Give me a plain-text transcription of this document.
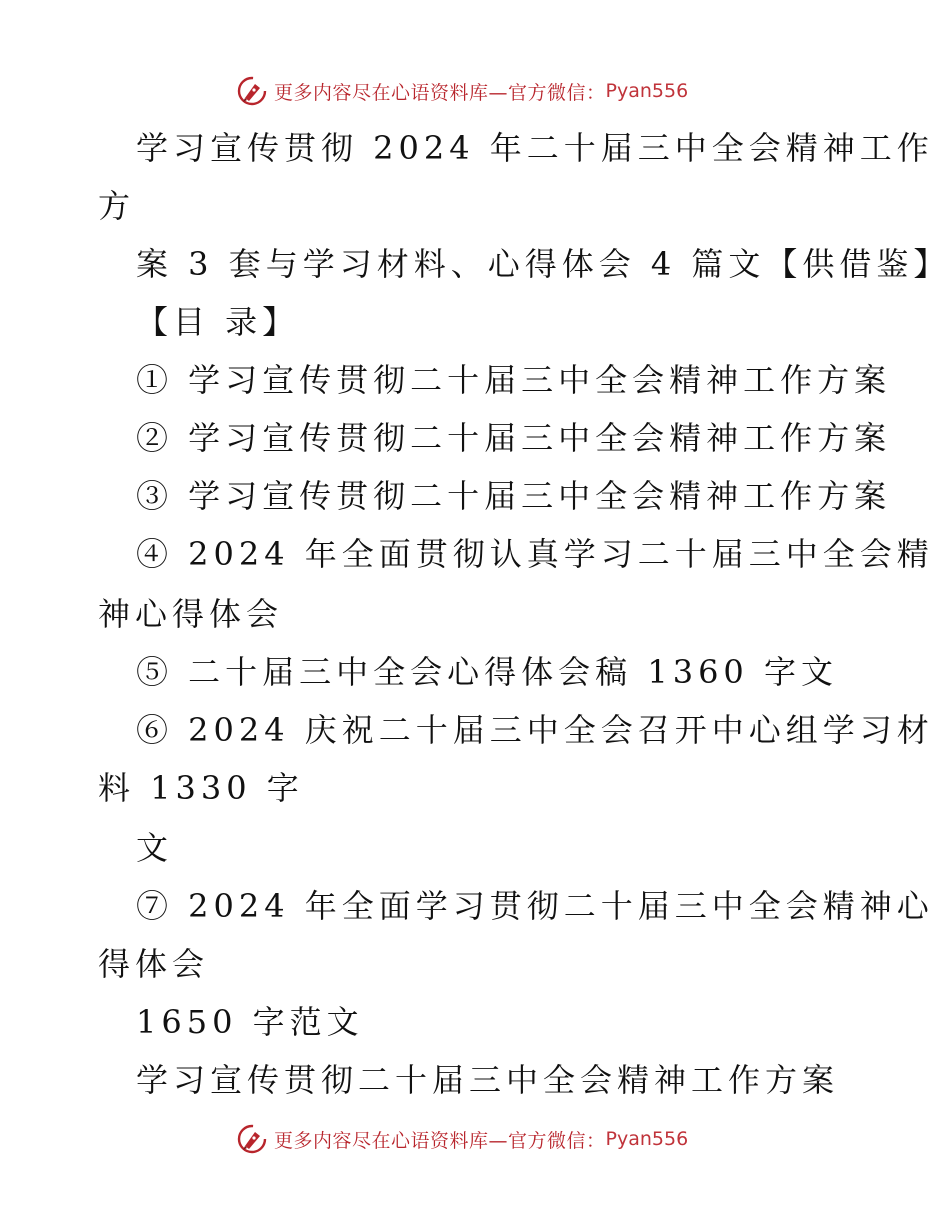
更多内容尽在心语资料库—官方微信： Pyan556
学习宣传贯彻 2024 年二十届三中全会精神工作
方
案 3 套与学习材料、心得体会 4 篇文【供借鉴】
【目 录】
① 学习宣传贯彻二十届三中全会精神工作方案
② 学习宣传贯彻二十届三中全会精神工作方案
③ 学习宣传贯彻二十届三中全会精神工作方案
④ 2024 年全面贯彻认真学习二十届三中全会精
神心得体会
⑤ 二十届三中全会心得体会稿 1360 字文
⑥ 2024 庆祝二十届三中全会召开中心组学习材
料 1330 字
文
⑦ 2024 年全面学习贯彻二十届三中全会精神心
得体会
1650 字范文
学习宣传贯彻二十届三中全会精神工作方案
更多内容尽在心语资料库—官方微信： Pyan556
